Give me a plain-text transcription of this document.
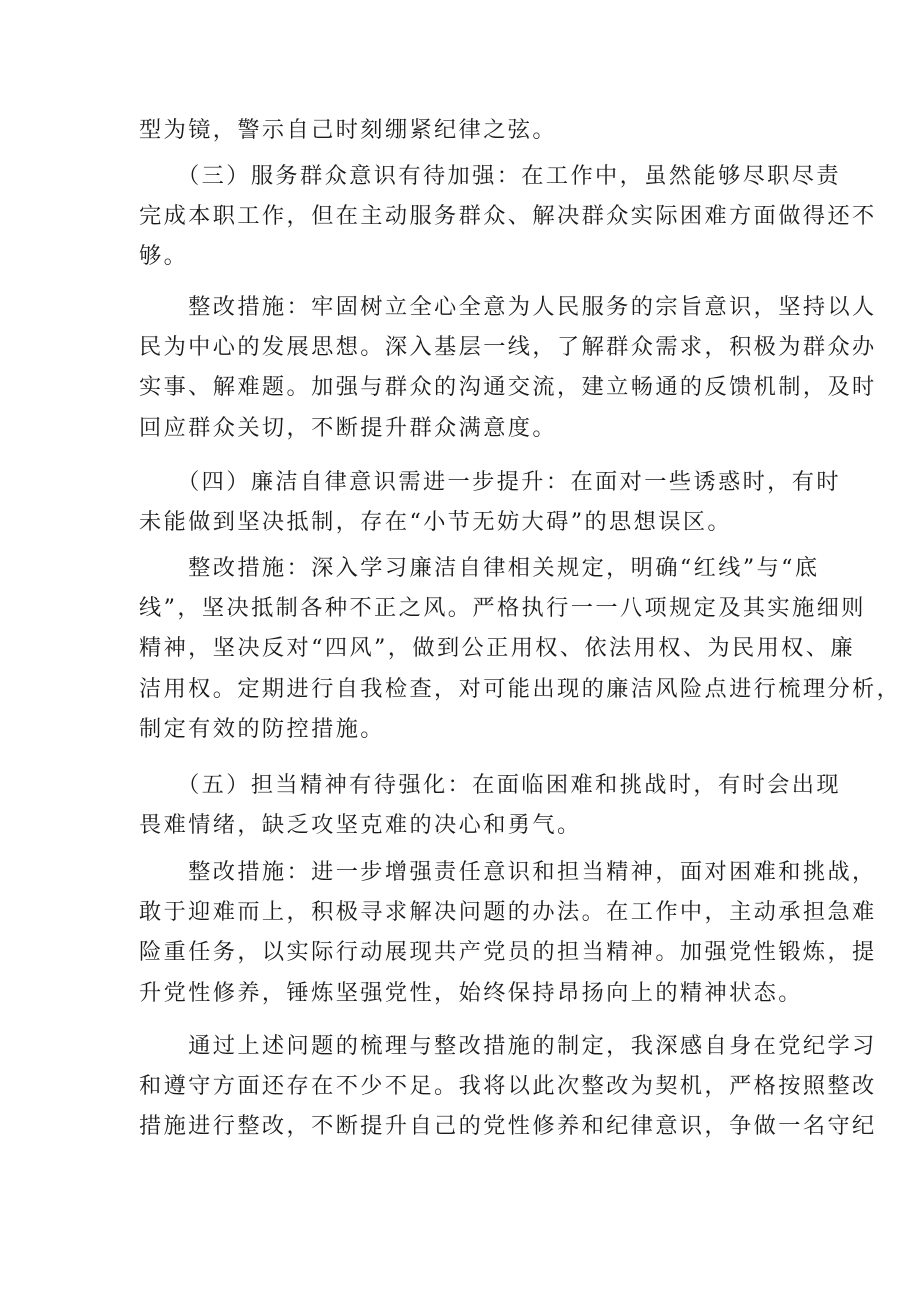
型为镜，警示自己时刻绷紧纪律之弦。

　　（三）服务群众意识有待加强：在工作中，虽然能够尽职尽责
完成本职工作，但在主动服务群众、解决群众实际困难方面做得还不
够。

　　整改措施：牢固树立全心全意为人民服务的宗旨意识，坚持以人
民为中心的发展思想。深入基层一线，了解群众需求，积极为群众办
实事、解难题。加强与群众的沟通交流，建立畅通的反馈机制，及时
回应群众关切，不断提升群众满意度。

　　（四）廉洁自律意识需进一步提升：在面对一些诱惑时，有时
未能做到坚决抵制，存在“小节无妨大碍”的思想误区。

　　整改措施：深入学习廉洁自律相关规定，明确“红线”与“底
线”，坚决抵制各种不正之风。严格执行一一八项规定及其实施细则
精神，坚决反对“四风”，做到公正用权、依法用权、为民用权、廉
洁用权。定期进行自我检查，对可能出现的廉洁风险点进行梳理分析，
制定有效的防控措施。

　　（五）担当精神有待强化：在面临困难和挑战时，有时会出现
畏难情绪，缺乏攻坚克难的决心和勇气。

　　整改措施：进一步增强责任意识和担当精神，面对困难和挑战，
敢于迎难而上，积极寻求解决问题的办法。在工作中，主动承担急难
险重任务，以实际行动展现共产党员的担当精神。加强党性锻炼，提
升党性修养，锤炼坚强党性，始终保持昂扬向上的精神状态。

　　通过上述问题的梳理与整改措施的制定，我深感自身在党纪学习
和遵守方面还存在不少不足。我将以此次整改为契机，严格按照整改
措施进行整改，不断提升自己的党性修养和纪律意识，争做一名守纪
